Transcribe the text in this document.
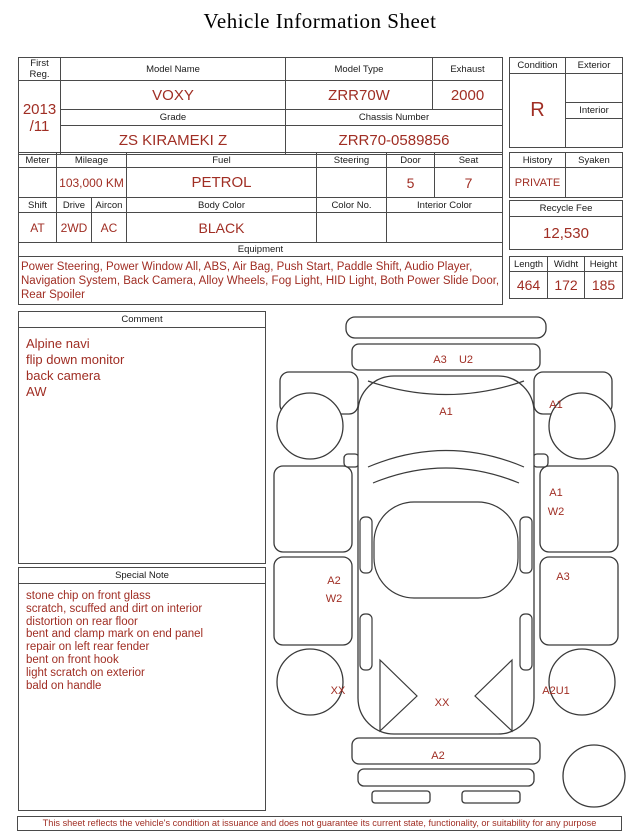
Vehicle Information Sheet
First Reg.	Model Name	Model Type	Exhaust
2013 /11	VOXY	ZRR70W	2000
	Grade	Chassis Number	
	ZS KIRAMEKI Z	ZRR70-0589856	
Condition	Exterior
R	
	Interior

Meter	Mileage		Fuel	Steering	Door	Seat
	103,000 KM		PETROL		5	7
Shift	Drive	Aircon	Body Color	Color No.	Interior Color	
AT	2WD	AC	BLACK			
Equipment						
Power Steering, Power Window All, ABS, Air Bag, Push Start, Paddle Shift, Audio Player, Navigation System, Back Camera, Alloy Wheels, Fog Light, HID Light, Both Power Slide Door, Rear Spoiler						
History	Syaken
PRIVATE	
Recycle Fee
12,530
Length	Widht	Height
464	172	185
Comment
Alpine navi
flip down monitor
back camera
AW
Special Note
stone chip on front glass
scratch, scuffed and dirt on interior
distortion on rear floor
bent and clamp mark on end panel
repair on left rear fender
bent on front hook
light scratch on exterior
bald on handle
A3 U2
A1
A1
A1
W2
A2
W2
A3
XX
XX
A2U1
A2
This sheet reflects the vehicle's condition at issuance and does not guarantee its current state, functionality, or suitability for any purpose
